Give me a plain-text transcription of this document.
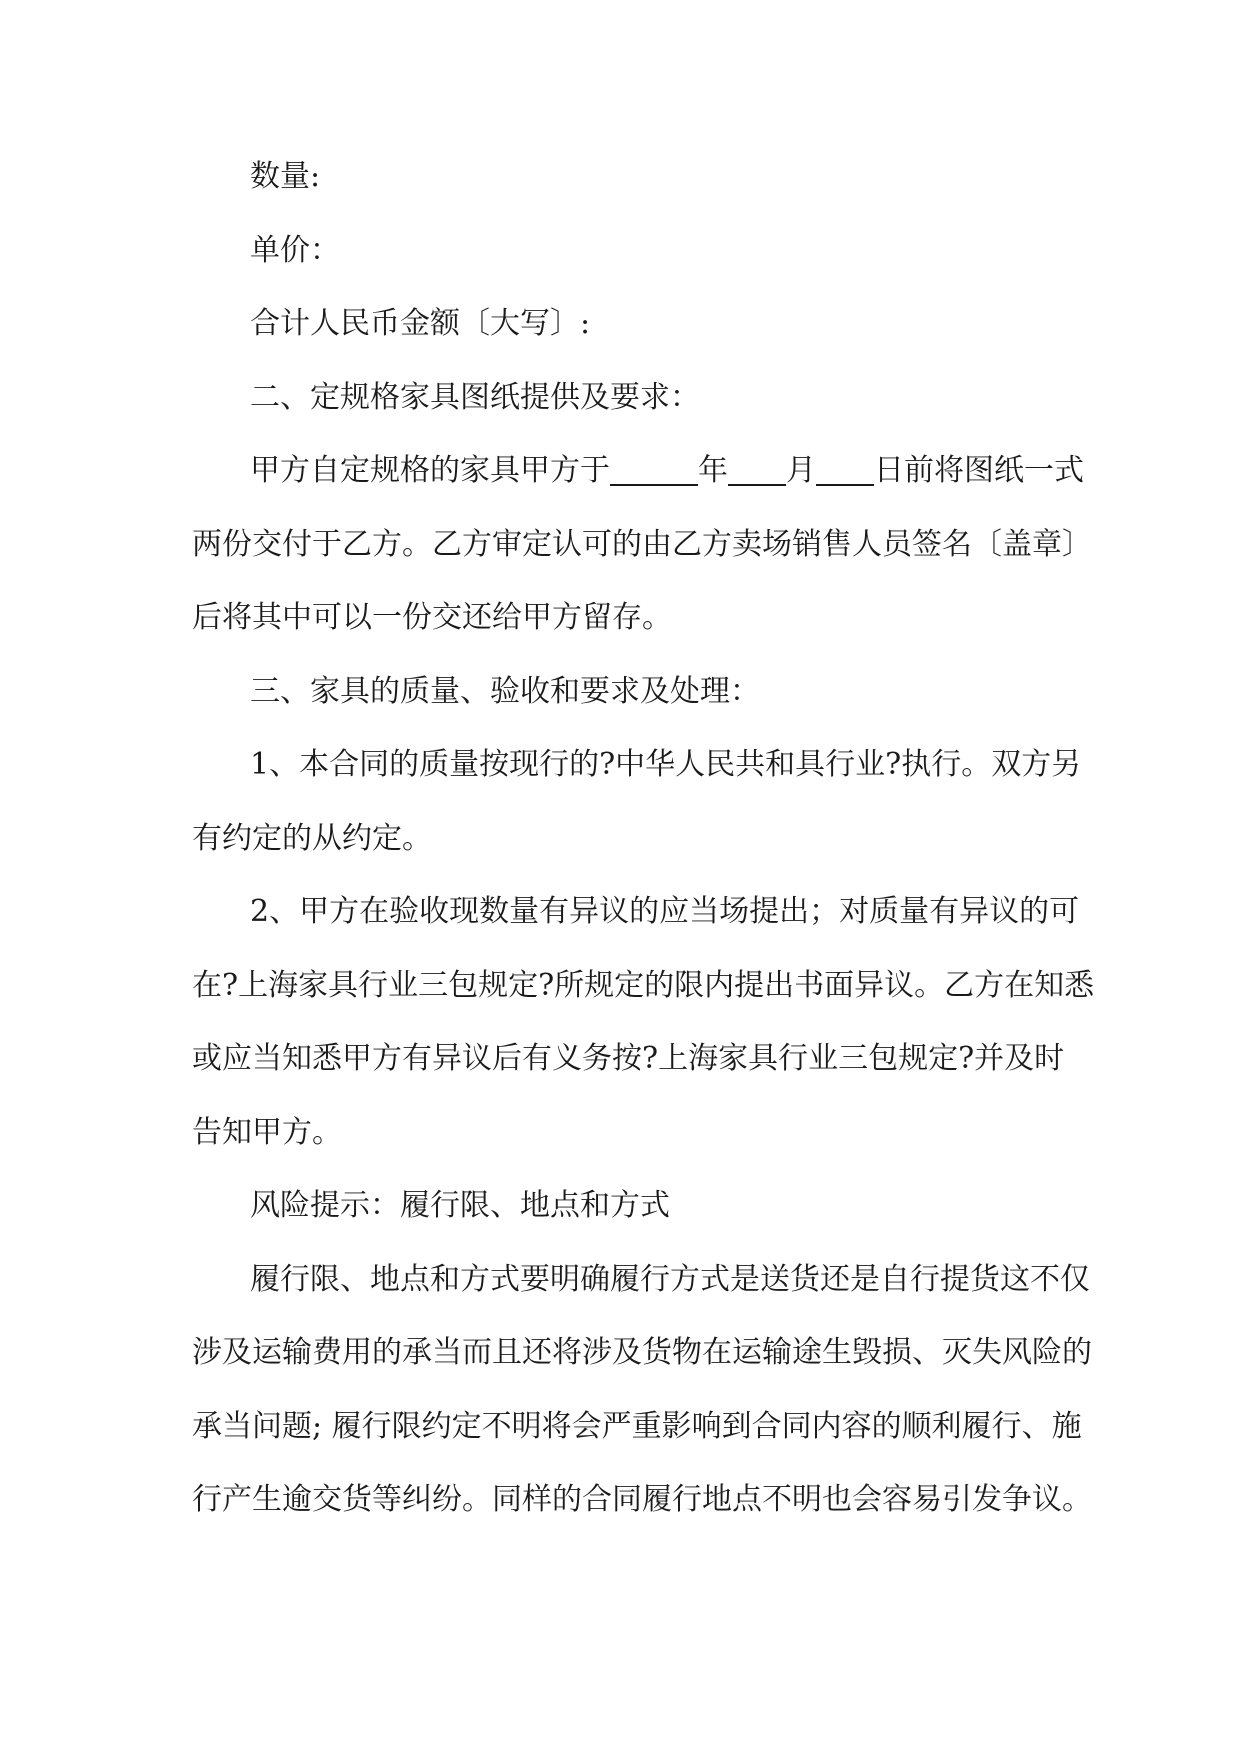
数量:

单价：

合计人民币金额〔大写〕:

二、定规格家具图纸提供及要求：

甲方自定规格的家具甲方于	年 月 日前将图纸一式

两份交付于乙方。乙方审定认可的由乙方卖场销售人员签名〔盖章〕

后将其中可以一份交还给甲方留存。

三、家具的质量、验收和要求及处理：

1、本合同的质量按现行的?中华人民共和具行业?执行。双方另

有约定的从约定。

2、甲方在验收现数量有异议的应当场提出；对质量有异议的可

在?上海家具行业三包规定?所规定的限内提出书面异议。乙方在知悉

或应当知悉甲方有异议后有义务按?上海家具行业三包规定?并及时

告知甲方。

风险提示：履行限、地点和方式

履行限、地点和方式要明确履行方式是送货还是自行提货这不仅

涉及运输费用的承当而且还将涉及货物在运输途生毁损、灭失风险的

承当问题; 履行限约定不明将会严重影响到合同内容的顺利履行、施

行产生逾交货等纠纷。同样的合同履行地点不明也会容易引发争议。
